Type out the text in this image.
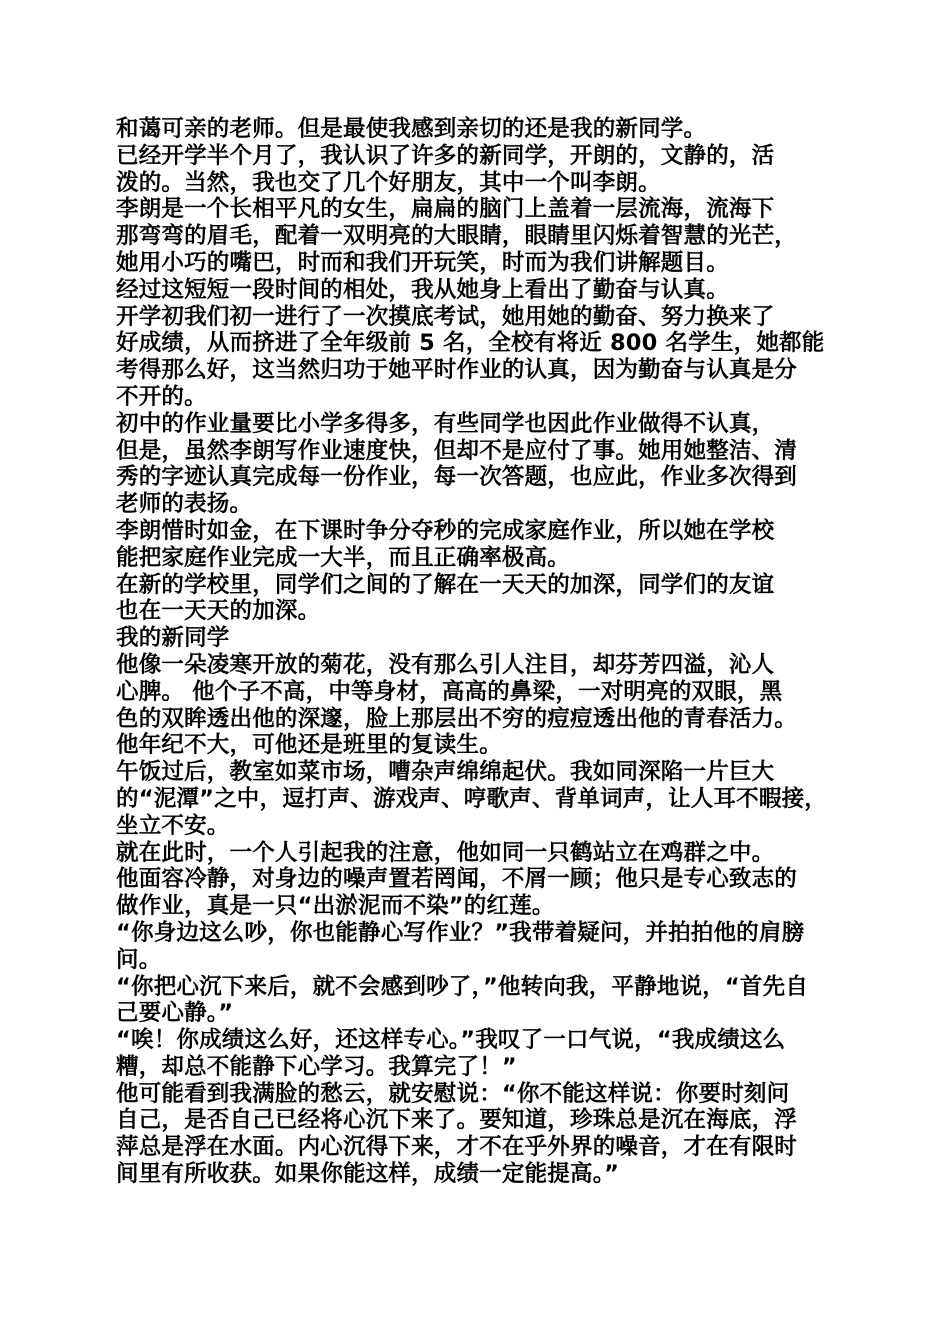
和蔼可亲的老师。但是最使我感到亲切的还是我的新同学。
已经开学半个月了，我认识了许多的新同学，开朗的，文静的，活
泼的。当然，我也交了几个好朋友，其中一个叫李朗。
李朗是一个长相平凡的女生，扁扁的脑门上盖着一层流海，流海下
那弯弯的眉毛，配着一双明亮的大眼睛，眼睛里闪烁着智慧的光芒，
她用小巧的嘴巴，时而和我们开玩笑，时而为我们讲解题目。
经过这短短一段时间的相处，我从她身上看出了勤奋与认真。
开学初我们初一进行了一次摸底考试，她用她的勤奋、努力换来了
好成绩，从而挤进了全年级前 5 名，全校有将近 800 名学生，她都能
考得那么好，这当然归功于她平时作业的认真，因为勤奋与认真是分
不开的。
初中的作业量要比小学多得多，有些同学也因此作业做得不认真，
但是，虽然李朗写作业速度快，但却不是应付了事。她用她整洁、清
秀的字迹认真完成每一份作业，每一次答题，也应此，作业多次得到
老师的表扬。
李朗惜时如金，在下课时争分夺秒的完成家庭作业，所以她在学校
能把家庭作业完成一大半，而且正确率极高。
在新的学校里，同学们之间的了解在一天天的加深，同学们的友谊
也在一天天的加深。
我的新同学
他像一朵凌寒开放的菊花，没有那么引人注目，却芬芳四溢，沁人
心脾。 他个子不高，中等身材，高高的鼻梁，一对明亮的双眼，黑
色的双眸透出他的深邃，脸上那层出不穷的痘痘透出他的青春活力。
他年纪不大，可他还是班里的复读生。
午饭过后，教室如菜市场，嘈杂声绵绵起伏。我如同深陷一片巨大
的“泥潭”之中，逗打声、游戏声、哼歌声、背单词声，让人耳不暇接，
坐立不安。
就在此时，一个人引起我的注意，他如同一只鹤站立在鸡群之中。
他面容冷静，对身边的噪声置若罔闻，不屑一顾；他只是专心致志的
做作业，真是一只“出淤泥而不染”的红莲。
“你身边这么吵，你也能静心写作业？”我带着疑问，并拍拍他的肩膀
问。
“你把心沉下来后，就不会感到吵了，”他转向我，平静地说，“首先自
己要心静。”
“唉！你成绩这么好，还这样专心。”我叹了一口气说，“我成绩这么
糟，却总不能静下心学习。我算完了！”
他可能看到我满脸的愁云，就安慰说：“你不能这样说：你要时刻问
自己，是否自己已经将心沉下来了。要知道，珍珠总是沉在海底，浮
萍总是浮在水面。内心沉得下来，才不在乎外界的噪音，才在有限时
间里有所收获。如果你能这样，成绩一定能提高。”
